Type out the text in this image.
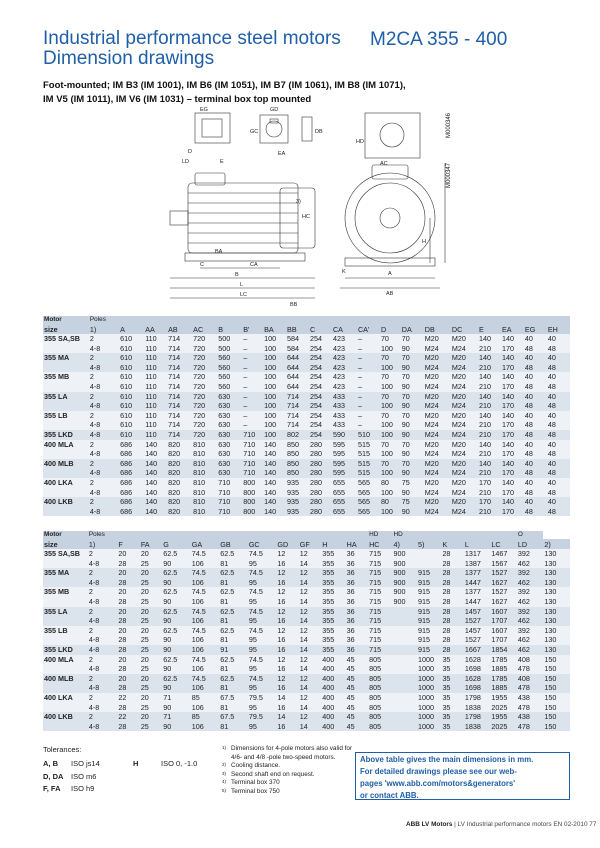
Industrial performance steel motors M2CA 355 - 400
Dimension drawings
Foot-mounted; IM B3 (IM 1001), IM B6 (IM 1051), IM B7 (IM 1061), IM B8 (IM 1071),
IM V5 (IM 1011), IM V6 (IM 1031) – terminal box top mounted
EG
D
LD	E
GD
EA
DB
GC
HD
AC
CA
C
B
BA
L
LC
HC
H
A
AB
K
BB
3)
M000346
M000347
Motor	Poles																			
size	1)	A	AA	AB	AC	B	B'	BA	BB	C	CA	CA'	D	DA	DB	DC	E	EA	EG	EH
355 SA,SB	2	610	110	714	720	500	–	100	584	254	423	–	70	70	M20	M20	140	140	40	40
	4-8	610	110	714	720	500	–	100	584	254	423	–	100	90	M24	M24	210	170	48	48
355 MA	2	610	110	714	720	560	–	100	644	254	423	–	70	70	M20	M20	140	140	40	40
	4-8	610	110	714	720	560	–	100	644	254	423	–	100	90	M24	M24	210	170	48	48
355 MB	2	610	110	714	720	560	–	100	644	254	423	–	70	70	M20	M20	140	140	40	40
	4-8	610	110	714	720	560	–	100	644	254	423	–	100	90	M24	M24	210	170	48	48
355 LA	2	610	110	714	720	630	–	100	714	254	433	–	70	70	M20	M20	140	140	40	40
	4-8	610	110	714	720	630	–	100	714	254	433	–	100	90	M24	M24	210	170	48	48
355 LB	2	610	110	714	720	630	–	100	714	254	433	–	70	70	M20	M20	140	140	40	40
	4-8	610	110	714	720	630	–	100	714	254	433	–	100	90	M24	M24	210	170	48	48
355 LKD	4-8	610	110	714	720	630	710	100	802	254	590	510	100	90	M24	M24	210	170	48	48
400 MLA	2	686	140	820	810	630	710	140	850	280	595	515	70	70	M20	M20	140	140	40	40
	4-8	686	140	820	810	630	710	140	850	280	595	515	100	90	M24	M24	210	170	48	48
400 MLB	2	686	140	820	810	630	710	140	850	280	595	515	70	70	M20	M20	140	140	40	40
	4-8	686	140	820	810	630	710	140	850	280	595	515	100	90	M24	M24	210	170	48	48
400 LKA	2	686	140	820	810	710	800	140	935	280	655	565	80	75	M20	M20	170	140	40	40
	4-8	686	140	820	810	710	800	140	935	280	655	565	100	90	M24	M24	210	170	48	48
400 LKB	2	686	140	820	810	710	800	140	935	280	655	565	80	75	M20	M20	170	140	40	40
	4-8	686	140	820	810	710	800	140	935	280	655	565	100	90	M24	M24	210	170	48	48
Motor	Poles											HD	HD					O	
size	1)	F	FA	G	GA	GB	GC	GD	GF	H	HA	HC	4)	5)	K	L	LC	LD	2)
355 SA,SB	2	20	20	62.5	74.5	62.5	74.5	12	12	355	36	715	900		28	1317	1467	392	130
	4-8	28	25	90	106	81	95	16	14	355	36	715	900		28	1387	1567	462	130
355 MA	2	20	20	62.5	74.5	62.5	74.5	12	12	355	36	715	900	915	28	1377	1527	392	130
	4-8	28	25	90	106	81	95	16	14	355	36	715	900	915	28	1447	1627	462	130
355 MB	2	20	20	62.5	74.5	62.5	74.5	12	12	355	36	715	900	915	28	1377	1527	392	130
	4-8	28	25	90	106	81	95	16	14	355	36	715	900	915	28	1447	1627	462	130
355 LA	2	20	20	62.5	74.5	62.5	74.5	12	12	355	36	715		915	28	1457	1607	392	130
	4-8	28	25	90	106	81	95	16	14	355	36	715		915	28	1527	1707	462	130
355 LB	2	20	20	62.5	74.5	62.5	74.5	12	12	355	36	715		915	28	1457	1607	392	130
	4-8	28	25	90	106	81	95	16	14	355	36	715		915	28	1527	1707	462	130
355 LKD	4-8	28	25	90	106	91	95	16	14	355	36	715		915	28	1667	1854	462	130
400 MLA	2	20	20	62.5	74.5	62.5	74.5	12	12	400	45	805		1000	35	1628	1785	408	150
	4-8	28	25	90	106	81	95	16	14	400	45	805		1000	35	1698	1885	478	150
400 MLB	2	20	20	62.5	74.5	62.5	74.5	12	12	400	45	805		1000	35	1628	1785	408	150
	4-8	28	25	90	106	81	95	16	14	400	45	805		1000	35	1698	1885	478	150
400 LKA	2	22	20	71	85	67.5	79.5	14	12	400	45	805		1000	35	1798	1955	438	150
	4-8	28	25	90	106	81	95	16	14	400	45	805		1000	35	1838	2025	478	150
400 LKB	2	22	20	71	85	67.5	79.5	14	12	400	45	805		1000	35	1798	1955	438	150
	4-8	28	25	90	106	81	95	16	14	400	45	805		1000	35	1838	2025	478	150
Tolerances:
A, B ISO js14	H	ISO 0, -1.0
D, DA ISO m6
F, FA ISO h9
1) Dimensions for 4-pole motors also valid for 4/6- and 4/8 -pole two-speed motors.
2) Cooling distance.
3) Second shaft end on request.
4) Terminal box 370
5) Terminal box 750
Above table gives the main dimensions in mm.
For detailed drawings please see our web-
pages 'www.abb.com/motors&generators'
or contact ABB.
ABB LV Motors | LV Industrial performance motors EN 02-2010 77
